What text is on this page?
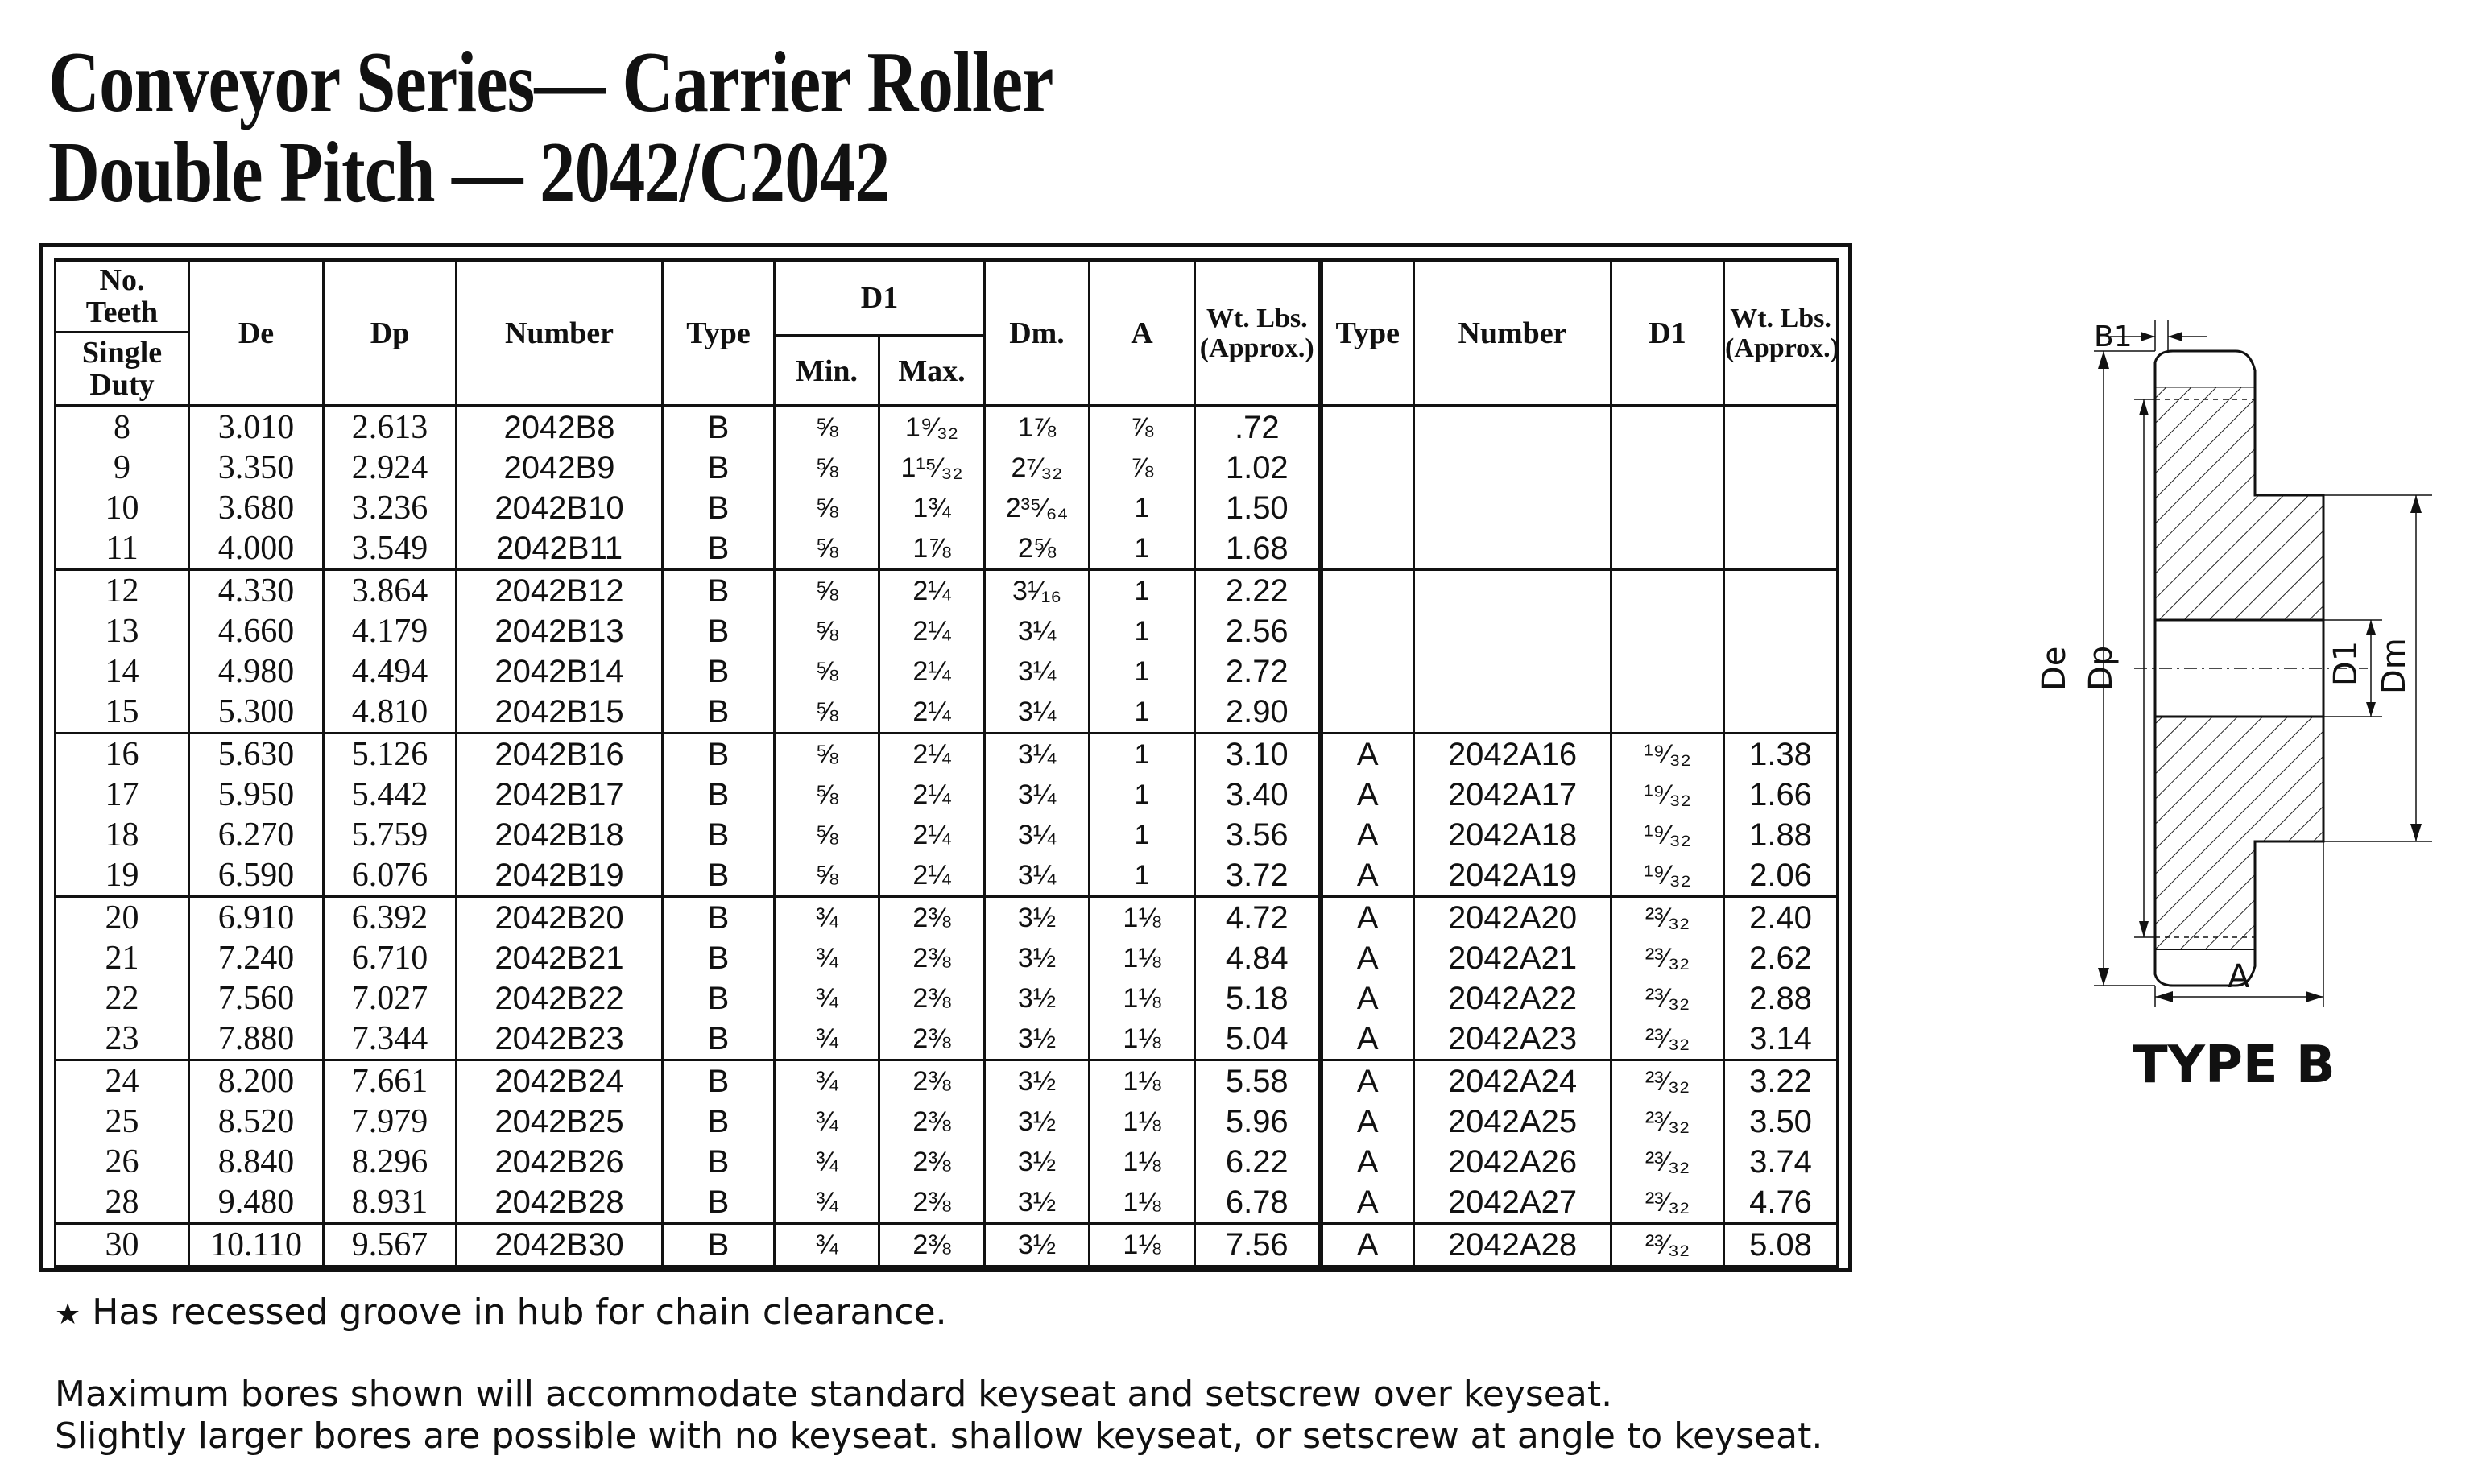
Conveyor Series— Carrier Roller
Double Pitch — 2042/C2042
No. Teeth
Single Duty	De	Dp	Number	Type	D1		Dm.	A	Wt. Lbs. (Approx.)	Type	Number	D1	Wt. Lbs. (Approx.)
					Min.	Max.							
8	3.010	2.613	2042B8	B	⅝	1⁹⁄₃₂	1⅞	⅞	.72				
9	3.350	2.924	2042B9	B	⅝	1¹⁵⁄₃₂	2⁷⁄₃₂	⅞	1.02				
10	3.680	3.236	2042B10	B	⅝	1¾	2³⁵⁄₆₄	1	1.50				
11	4.000	3.549	2042B11	B	⅝	1⅞	2⅝	1	1.68				
12	4.330	3.864	2042B12	B	⅝	2¼	3¹⁄₁₆	1	2.22				
13	4.660	4.179	2042B13	B	⅝	2¼	3¼	1	2.56				
14	4.980	4.494	2042B14	B	⅝	2¼	3¼	1	2.72				
15	5.300	4.810	2042B15	B	⅝	2¼	3¼	1	2.90				
16	5.630	5.126	2042B16	B	⅝	2¼	3¼	1	3.10	A	2042A16	¹⁹⁄₃₂	1.38
17	5.950	5.442	2042B17	B	⅝	2¼	3¼	1	3.40	A	2042A17	¹⁹⁄₃₂	1.66
18	6.270	5.759	2042B18	B	⅝	2¼	3¼	1	3.56	A	2042A18	¹⁹⁄₃₂	1.88
19	6.590	6.076	2042B19	B	⅝	2¼	3¼	1	3.72	A	2042A19	¹⁹⁄₃₂	2.06
20	6.910	6.392	2042B20	B	¾	2⅜	3½	1⅛	4.72	A	2042A20	²³⁄₃₂	2.40
21	7.240	6.710	2042B21	B	¾	2⅜	3½	1⅛	4.84	A	2042A21	²³⁄₃₂	2.62
22	7.560	7.027	2042B22	B	¾	2⅜	3½	1⅛	5.18	A	2042A22	²³⁄₃₂	2.88
23	7.880	7.344	2042B23	B	¾	2⅜	3½	1⅛	5.04	A	2042A23	²³⁄₃₂	3.14
24	8.200	7.661	2042B24	B	¾	2⅜	3½	1⅛	5.58	A	2042A24	²³⁄₃₂	3.22
25	8.520	7.979	2042B25	B	¾	2⅜	3½	1⅛	5.96	A	2042A25	²³⁄₃₂	3.50
26	8.840	8.296	2042B26	B	¾	2⅜	3½	1⅛	6.22	A	2042A26	²³⁄₃₂	3.74
28	9.480	8.931	2042B28	B	¾	2⅜	3½	1⅛	6.78	A	2042A27	²³⁄₃₂	4.76
30	10.110	9.567	2042B30	B	¾	2⅜	3½	1⅛	7.56	A	2042A28	²³⁄₃₂	5.08
★ Has recessed groove in hub for chain clearance.
Maximum bores shown will accommodate standard keyseat and setscrew over keyseat.
Slightly larger bores are possible with no keyseat. shallow keyseat, or setscrew at angle to keyseat.
De Dp	D1 Dm
A
B1
TYPE B
